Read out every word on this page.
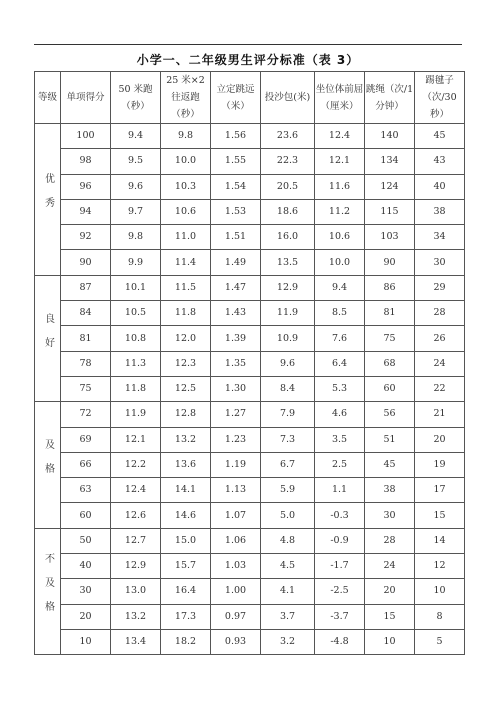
小学一、二年级男生评分标准（表 3）
等级	单项得分	50 米跑（秒）	25 米×2 往返跑（秒）	立定跳远（米）	投沙包(米)	坐位体前屈（厘米）	跳绳（次/1 分钟）	踢毽子（次/30 秒）
优秀	100	9.4	9.8	1.56	23.6	12.4	140	45
	98	9.5	10.0	1.55	22.3	12.1	134	43
	96	9.6	10.3	1.54	20.5	11.6	124	40
	94	9.7	10.6	1.53	18.6	11.2	115	38
	92	9.8	11.0	1.51	16.0	10.6	103	34
	90	9.9	11.4	1.49	13.5	10.0	90	30
良好	87	10.1	11.5	1.47	12.9	9.4	86	29
	84	10.5	11.8	1.43	11.9	8.5	81	28
	81	10.8	12.0	1.39	10.9	7.6	75	26
	78	11.3	12.3	1.35	9.6	6.4	68	24
	75	11.8	12.5	1.30	8.4	5.3	60	22
及格	72	11.9	12.8	1.27	7.9	4.6	56	21
	69	12.1	13.2	1.23	7.3	3.5	51	20
	66	12.2	13.6	1.19	6.7	2.5	45	19
	63	12.4	14.1	1.13	5.9	1.1	38	17
	60	12.6	14.6	1.07	5.0	-0.3	30	15
不及格	50	12.7	15.0	1.06	4.8	-0.9	28	14
	40	12.9	15.7	1.03	4.5	-1.7	24	12
	30	13.0	16.4	1.00	4.1	-2.5	20	10
	20	13.2	17.3	0.97	3.7	-3.7	15	8
	10	13.4	18.2	0.93	3.2	-4.8	10	5
